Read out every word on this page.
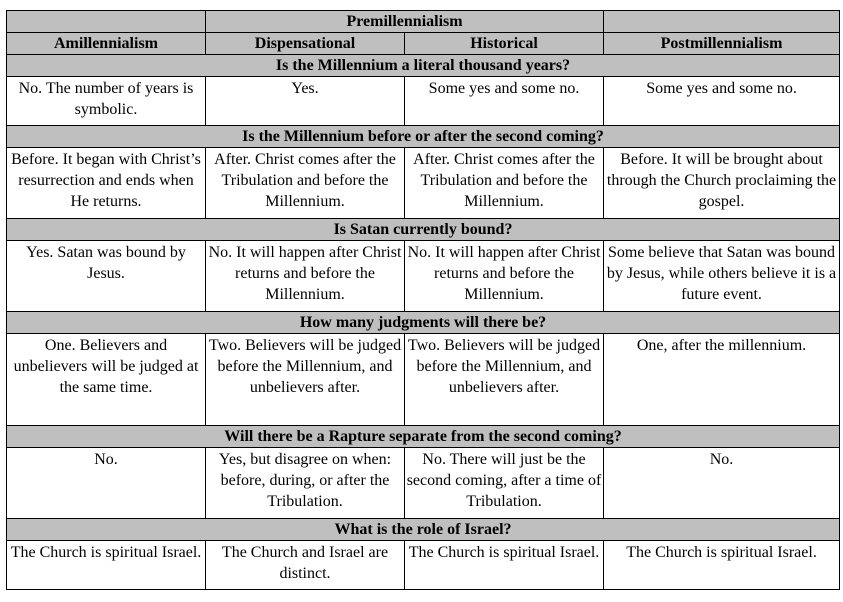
	Premillennialism		
Amillennialism	Dispensational	Historical	Postmillennialism
Is the Millennium a literal thousand years?			
No. The number of years is symbolic.	Yes.	Some yes and some no.	Some yes and some no.
Is the Millennium before or after the second coming?			
Before. It began with Christ’s resurrection and ends when He returns.	After. Christ comes after the Tribulation and before the Millennium.	After. Christ comes after the Tribulation and before the Millennium.	Before. It will be brought about through the Church proclaiming the gospel.
Is Satan currently bound?			
Yes. Satan was bound by Jesus.	No. It will happen after Christ returns and before the Millennium.	No. It will happen after Christ returns and before the Millennium.	Some believe that Satan was bound by Jesus, while others believe it is a future event.
How many judgments will there be?			
One. Believers and unbelievers will be judged at the same time.	Two. Believers will be judged before the Millennium, and unbelievers after.	Two. Believers will be judged before the Millennium, and unbelievers after.	One, after the millennium.
Will there be a Rapture separate from the second coming?			
No.	Yes, but disagree on when: before, during, or after the Tribulation.	No. There will just be the second coming, after a time of Tribulation.	No.
What is the role of Israel?			
The Church is spiritual Israel.	The Church and Israel are distinct.	The Church is spiritual Israel.	The Church is spiritual Israel.
